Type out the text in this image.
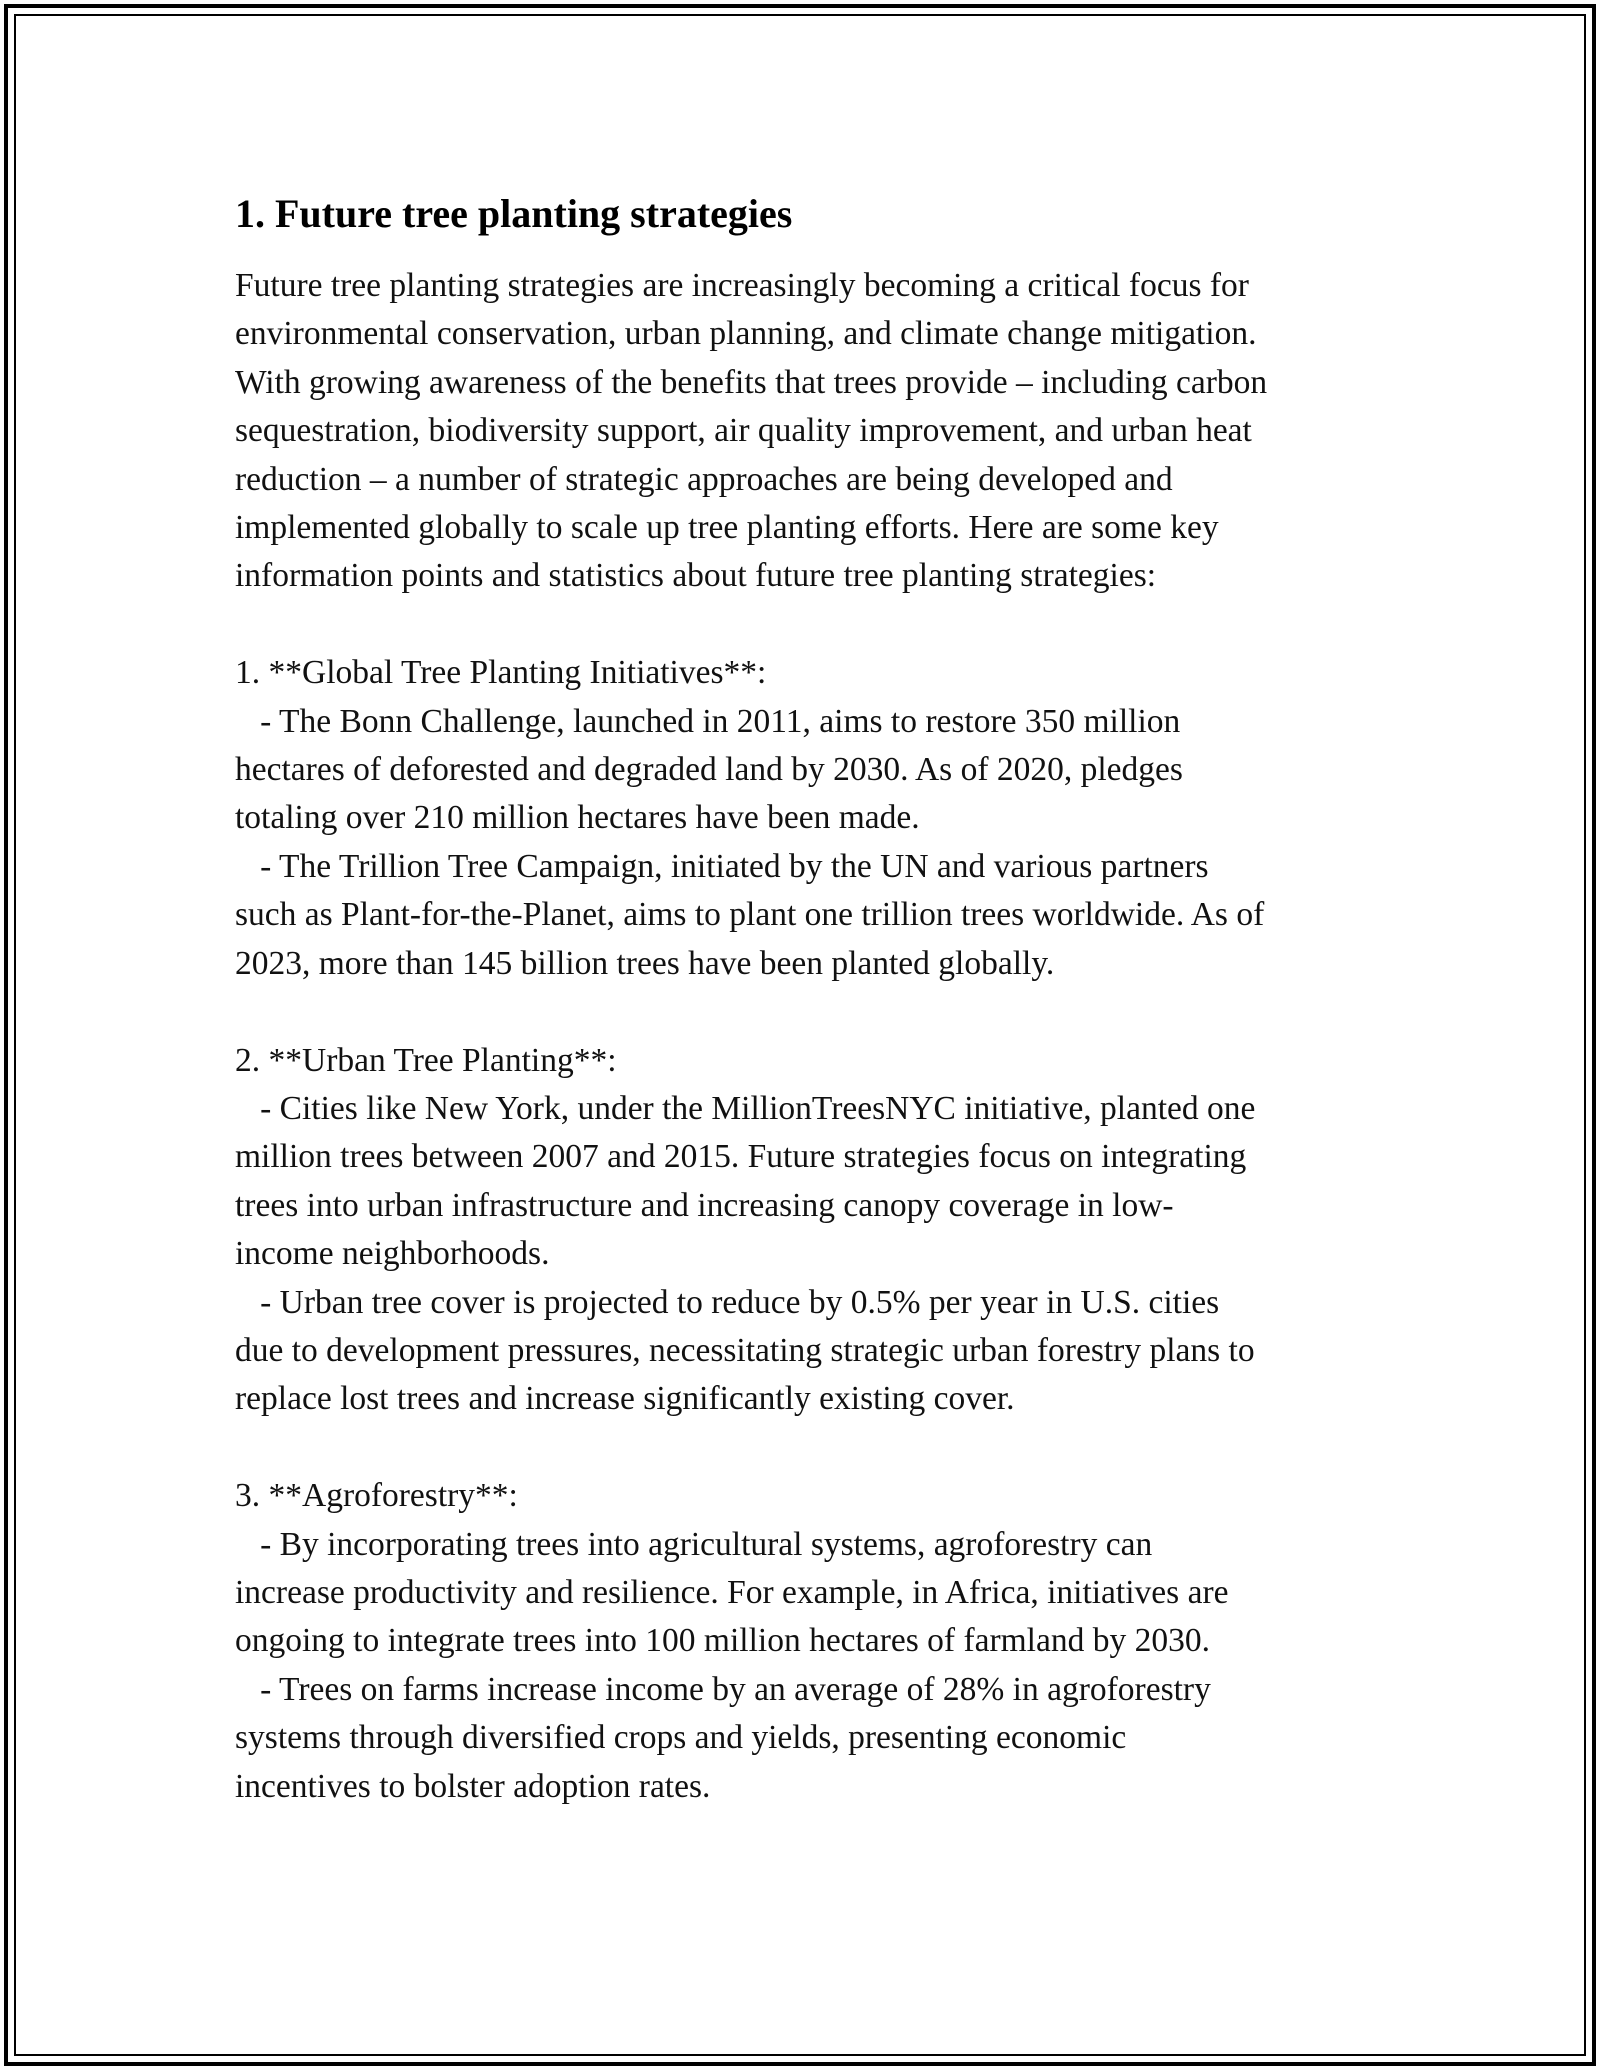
1. Future tree planting strategies
Future tree planting strategies are increasingly becoming a critical focus for
environmental conservation, urban planning, and climate change mitigation.
With growing awareness of the benefits that trees provide – including carbon
sequestration, biodiversity support, air quality improvement, and urban heat
reduction – a number of strategic approaches are being developed and
implemented globally to scale up tree planting efforts. Here are some key
information points and statistics about future tree planting strategies:

1. **Global Tree Planting Initiatives**:
- The Bonn Challenge, launched in 2011, aims to restore 350 million
hectares of deforested and degraded land by 2030. As of 2020, pledges
totaling over 210 million hectares have been made.
- The Trillion Tree Campaign, initiated by the UN and various partners
such as Plant-for-the-Planet, aims to plant one trillion trees worldwide. As of
2023, more than 145 billion trees have been planted globally.

2. **Urban Tree Planting**:
- Cities like New York, under the MillionTreesNYC initiative, planted one
million trees between 2007 and 2015. Future strategies focus on integrating
trees into urban infrastructure and increasing canopy coverage in low-
income neighborhoods.
- Urban tree cover is projected to reduce by 0.5% per year in U.S. cities
due to development pressures, necessitating strategic urban forestry plans to
replace lost trees and increase significantly existing cover.

3. **Agroforestry**:
- By incorporating trees into agricultural systems, agroforestry can
increase productivity and resilience. For example, in Africa, initiatives are
ongoing to integrate trees into 100 million hectares of farmland by 2030.
- Trees on farms increase income by an average of 28% in agroforestry
systems through diversified crops and yields, presenting economic
incentives to bolster adoption rates.
